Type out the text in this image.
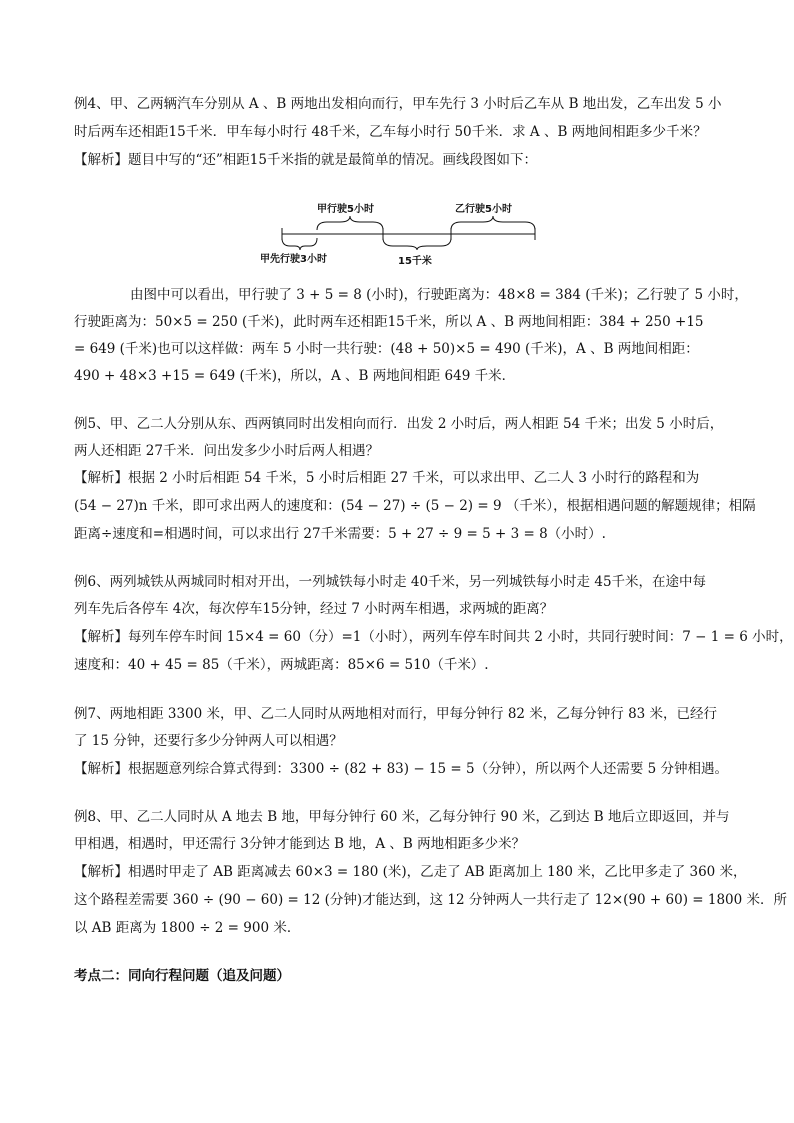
例4、甲、乙两辆汽车分别从 A 、B 两地出发相向而行，甲车先行 3 小时后乙车从 B 地出发，乙车出发 5 小
时后两车还相距15千米．甲车每小时行 48千米，乙车每小时行 50千米．求 A 、B 两地间相距多少千米？
【解析】题目中写的“还”相距15千米指的就是最简单的情况。画线段图如下：
甲行驶5小时	乙行驶5小时
甲先行驶3小时	15千米
由图中可以看出，甲行驶了 3 + 5 = 8 (小时)，行驶距离为：48×8 = 384 (千米)；乙行驶了 5 小时，
行驶距离为：50×5 = 250 (千米)，此时两车还相距15千米，所以 A 、B 两地间相距：384 + 250 +15
= 649 (千米)也可以这样做：两车 5 小时一共行驶：(48 + 50)×5 = 490 (千米)，A 、B 两地间相距：
490 + 48×3 +15 = 649 (千米)，所以，A 、B 两地间相距 649 千米．
例5、甲、乙二人分别从东、西两镇同时出发相向而行．出发 2 小时后，两人相距 54 千米；出发 5 小时后，
两人还相距 27千米．问出发多少小时后两人相遇？
【解析】根据 2 小时后相距 54 千米，5 小时后相距 27 千米，可以求出甲、乙二人 3 小时行的路程和为
(54 − 27)n 千米，即可求出两人的速度和：(54 − 27) ÷ (5 − 2) = 9 （千米），根据相遇问题的解题规律；相隔
距离÷速度和=相遇时间，可以求出行 27千米需要：5 + 27 ÷ 9 = 5 + 3 = 8（小时）.
例6、两列城铁从两城同时相对开出，一列城铁每小时走 40千米，另一列城铁每小时走 45千米，在途中每
列车先后各停车 4次，每次停车15分钟，经过 7 小时两车相遇，求两城的距离？
【解析】每列车停车时间 15×4 = 60（分）=1（小时），两列车停车时间共 2 小时，共同行驶时间：7 − 1 = 6 小时，
速度和：40 + 45 = 85（千米），两城距离：85×6 = 510（千米）.
例7、两地相距 3300 米，甲、乙二人同时从两地相对而行，甲每分钟行 82 米，乙每分钟行 83 米，已经行
了 15 分钟，还要行多少分钟两人可以相遇？
【解析】根据题意列综合算式得到：3300 ÷ (82 + 83) − 15 = 5（分钟），所以两个人还需要 5 分钟相遇。
例8、甲、乙二人同时从 A 地去 B 地，甲每分钟行 60 米，乙每分钟行 90 米，乙到达 B 地后立即返回，并与
甲相遇，相遇时，甲还需行 3分钟才能到达 B 地，A 、B 两地相距多少米？
【解析】相遇时甲走了 AB 距离减去 60×3 = 180 (米)，乙走了 AB 距离加上 180 米，乙比甲多走了 360 米，
这个路程差需要 360 ÷ (90 − 60) = 12 (分钟)才能达到，这 12 分钟两人一共行走了 12×(90 + 60) = 1800 米．所
以 AB 距离为 1800 ÷ 2 = 900 米．
考点二：同向行程问题（追及问题）
